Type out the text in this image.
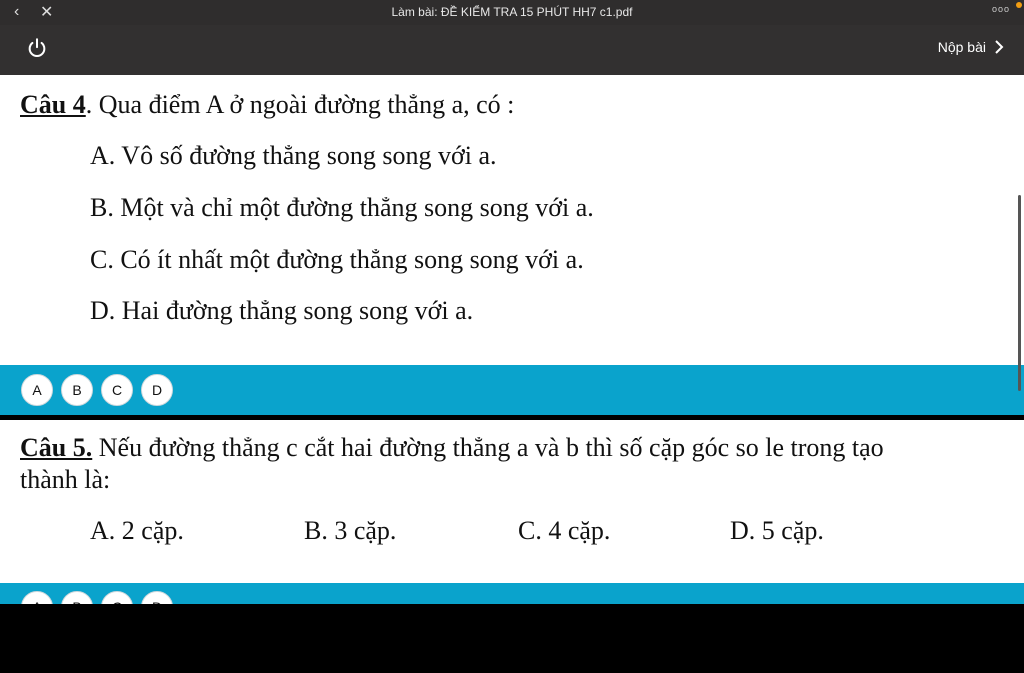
‹ ✕	Làm bài: ĐỀ KIỂM TRA 15 PHÚT HH7 c1.pdf	ooo
Nộp bài
Câu 4. Qua điểm A ở ngoài đường thẳng a, có :
A. Vô số đường thẳng song song với a.
B. Một và chỉ một đường thẳng song song với a.
C. Có ít nhất một đường thẳng song song với a.
D. Hai đường thẳng song song với a.
A	B	C	D
Câu 5. Nếu đường thẳng c cắt hai đường thẳng a và b thì số cặp góc so le trong tạo
thành là:
A. 2 cặp.	B. 3 cặp.	C. 4 cặp.	D. 5 cặp.
